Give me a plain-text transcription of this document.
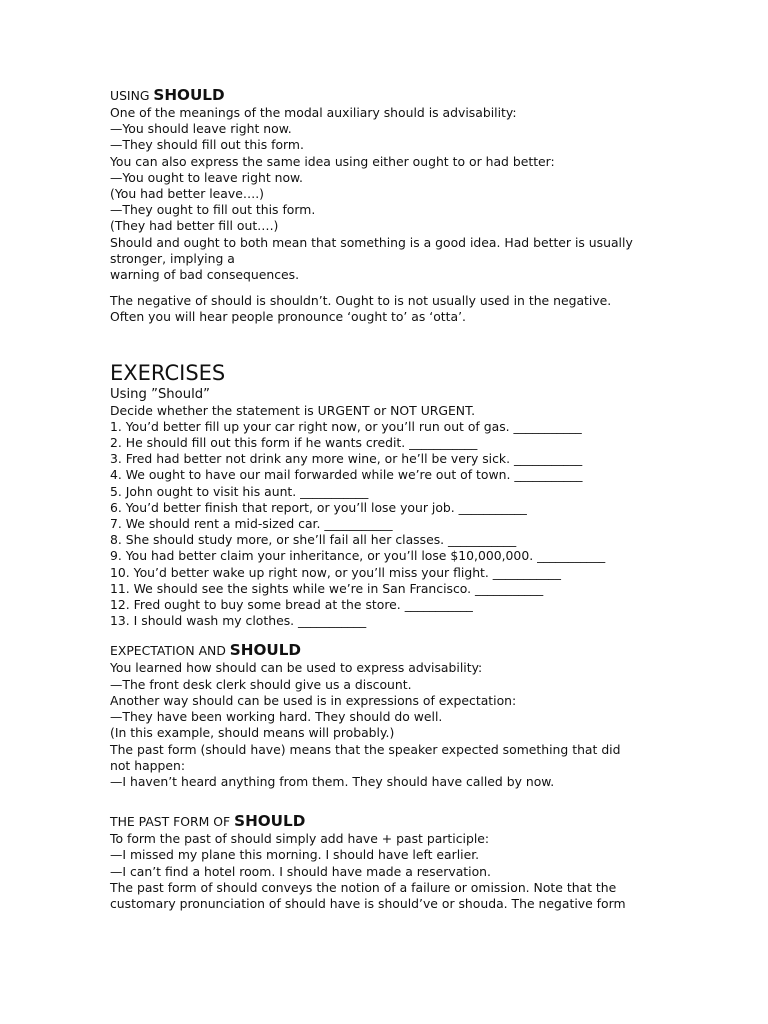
USING SHOULD

One of the meanings of the modal auxiliary should is advisability:

—You should leave right now.

—They should fill out this form.

You can also express the same idea using either ought to or had better:

—You ought to leave right now.

(You had better leave….)

—They ought to fill out this form.

(They had better fill out….)

Should and ought to both mean that something is a good idea. Had better is usually

stronger, implying a

warning of bad consequences.

The negative of should is shouldn’t. Ought to is not usually used in the negative.

Often you will hear people pronounce ‘ought to’ as ‘otta’.

EXERCISES

Using ”Should”

Decide whether the statement is URGENT or NOT URGENT.

1. You’d better fill up your car right now, or you’ll run out of gas. ___________

2. He should fill out this form if he wants credit. ___________

3. Fred had better not drink any more wine, or he’ll be very sick. ___________

4. We ought to have our mail forwarded while we’re out of town. ___________

5. John ought to visit his aunt. ___________

6. You’d better finish that report, or you’ll lose your job. ___________

7. We should rent a mid-sized car. ___________

8. She should study more, or she’ll fail all her classes. ___________

9. You had better claim your inheritance, or you’ll lose $10,000,000. ___________

10. You’d better wake up right now, or you’ll miss your flight. ___________

11. We should see the sights while we’re in San Francisco. ___________

12. Fred ought to buy some bread at the store. ___________

13. I should wash my clothes. ___________

EXPECTATION AND SHOULD

You learned how should can be used to express advisability:

—The front desk clerk should give us a discount.

Another way should can be used is in expressions of expectation:

—They have been working hard. They should do well.

(In this example, should means will probably.)

The past form (should have) means that the speaker expected something that did

not happen:

—I haven’t heard anything from them. They should have called by now.

THE PAST FORM OF SHOULD

To form the past of should simply add have + past participle:

—I missed my plane this morning. I should have left earlier.

—I can’t find a hotel room. I should have made a reservation.

The past form of should conveys the notion of a failure or omission. Note that the

customary pronunciation of should have is should’ve or shouda. The negative form
